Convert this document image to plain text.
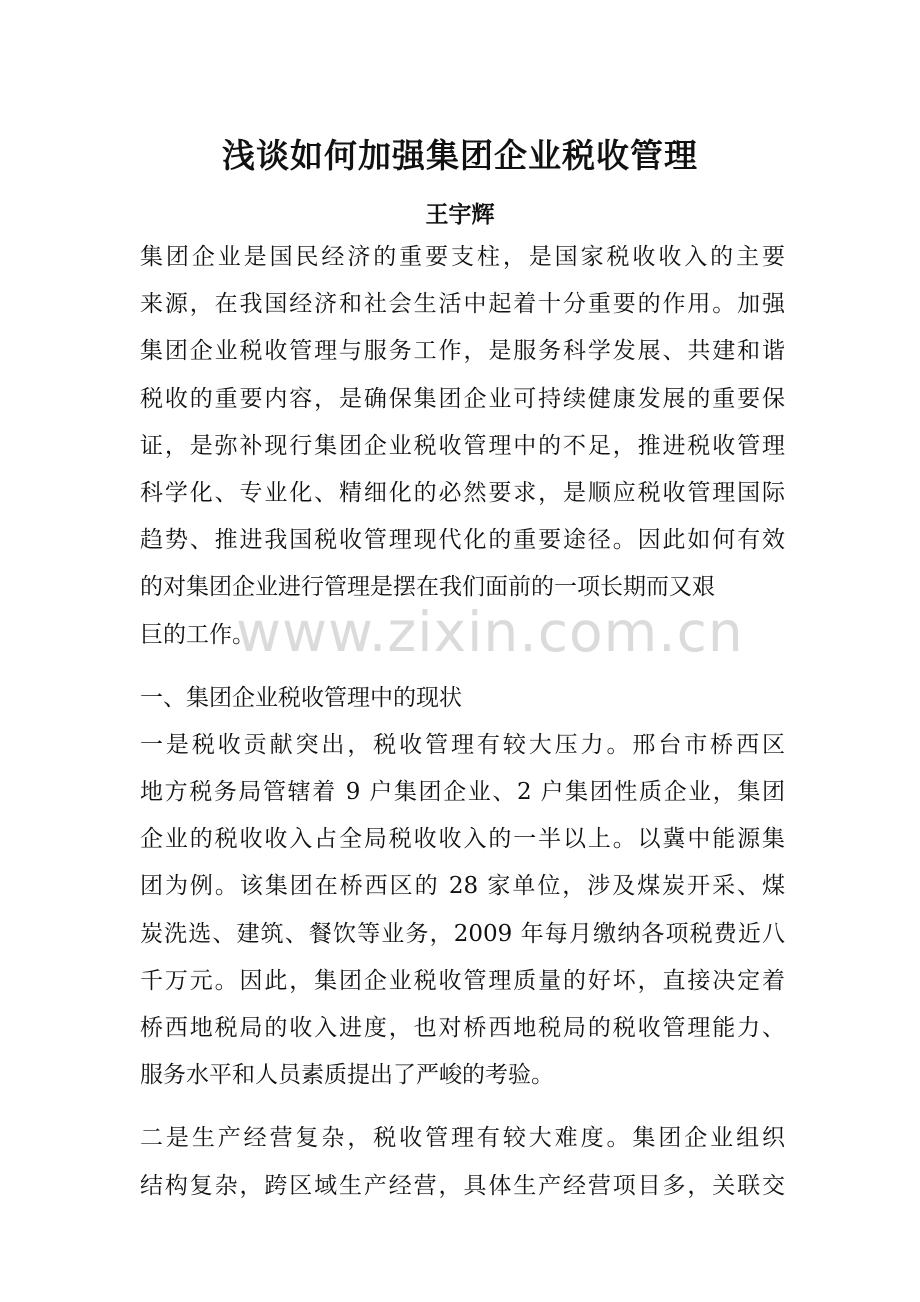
浅谈如何加强集团企业税收管理
王宇辉
集团企业是国民经济的重要支柱，是国家税收收入的主要
来源，在我国经济和社会生活中起着十分重要的作用。加强
集团企业税收管理与服务工作，是服务科学发展、共建和谐
税收的重要内容，是确保集团企业可持续健康发展的重要保
证，是弥补现行集团企业税收管理中的不足，推进税收管理
科学化、专业化、精细化的必然要求，是顺应税收管理国际
趋势、推进我国税收管理现代化的重要途径。因此如何有效
的对集团企业进行管理是摆在我们面前的一项长期而又艰
巨的工作。
一、集团企业税收管理中的现状
一是税收贡献突出，税收管理有较大压力。邢台市桥西区
地方税务局管辖着 9 户集团企业、2 户集团性质企业，集团
企业的税收收入占全局税收收入的一半以上。以冀中能源集
团为例。该集团在桥西区的 28 家单位，涉及煤炭开采、煤
炭洗选、建筑、餐饮等业务，2009 年每月缴纳各项税费近八
千万元。因此，集团企业税收管理质量的好坏，直接决定着
桥西地税局的收入进度，也对桥西地税局的税收管理能力、
服务水平和人员素质提出了严峻的考验。
二是生产经营复杂，税收管理有较大难度。集团企业组织
结构复杂，跨区域生产经营，具体生产经营项目多，关联交
www.zixin.com.cn
